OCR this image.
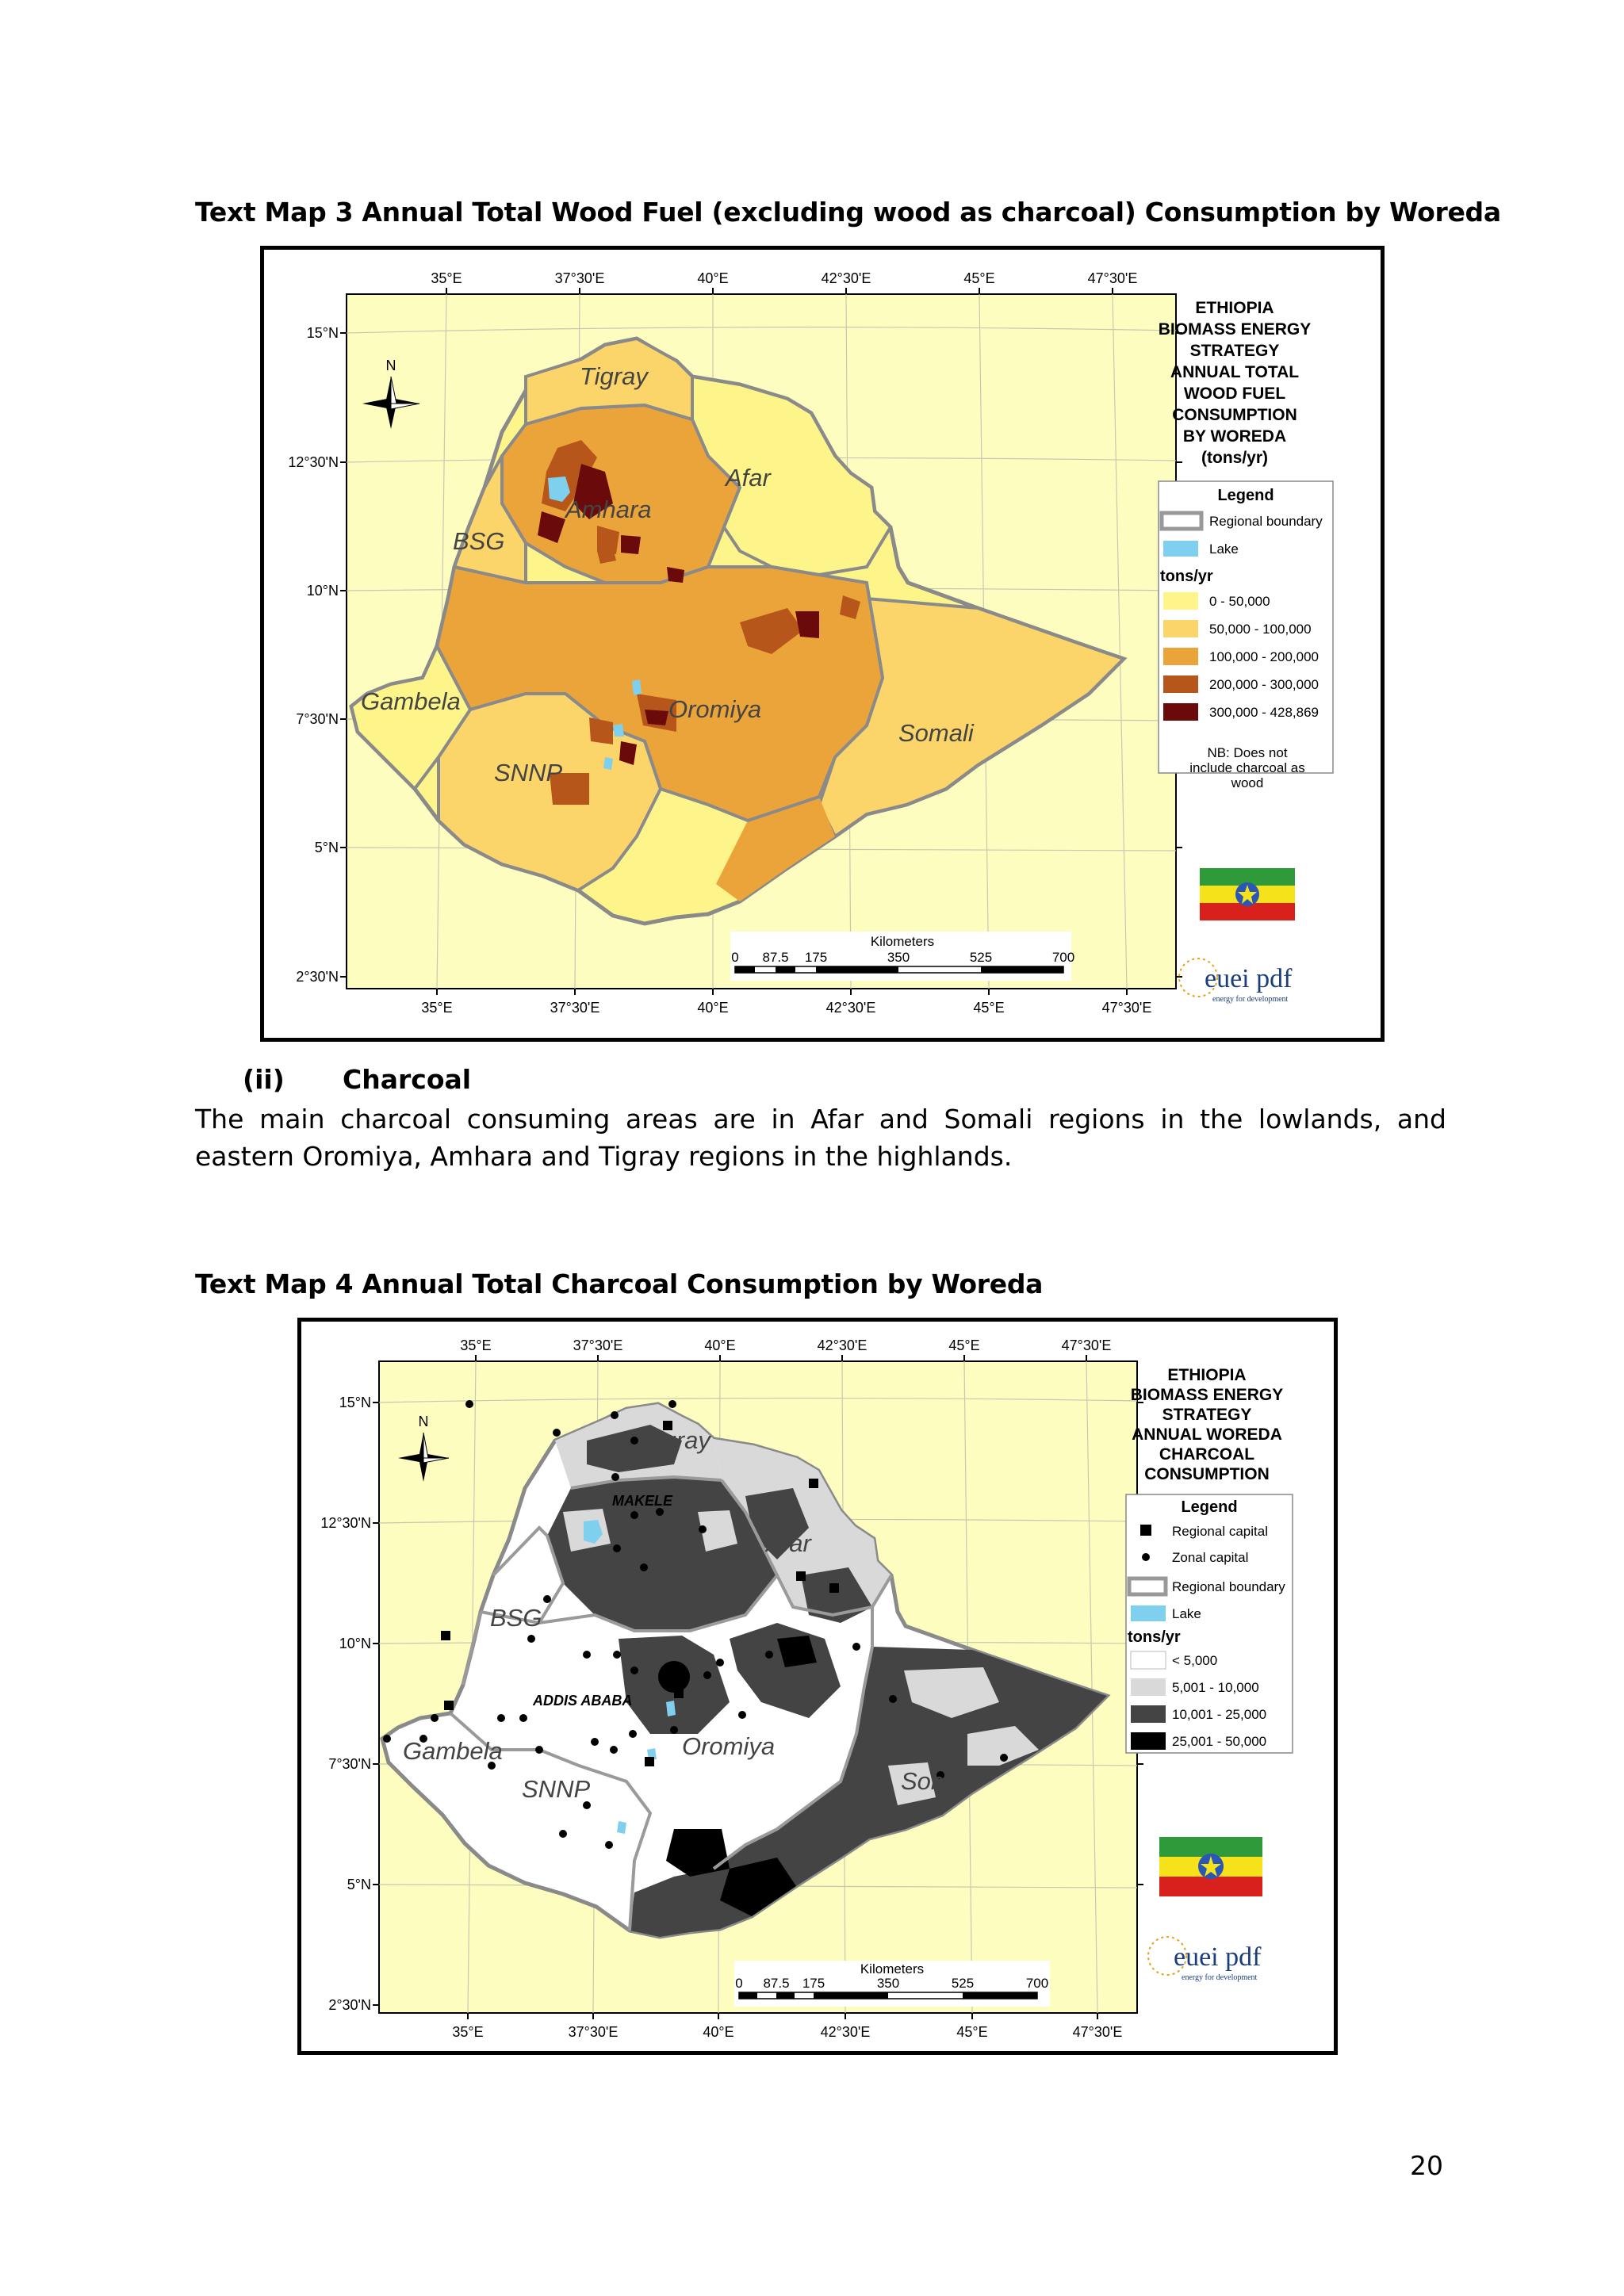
Text Map 3 Annual Total Wood Fuel (excluding wood as charcoal) Consumption by Woreda
35°E	37°30'E	40°E	42°30'E	45°E	47°30'E
35°E	37°30'E	40°E	42°30'E	45°E	47°30'E
15°N
12°30'N
10°N
7°30'N
5°N
2°30'N
Tigray
Afar
Amhara
BSG
Gambela	Oromiya
SNNP
Somali
N
Kilometers
0 87.5 175	350	525	700
ETHIOPIA
BIOMASS ENERGY
STRATEGY
ANNUAL TOTAL
WOOD FUEL
CONSUMPTION
BY WOREDA
(tons/yr)
Legend
Regional boundary
Lake
tons/yr
0 - 50,000
50,000 - 100,000
100,000 - 200,000
200,000 - 300,000
300,000 - 428,869
NB: Does not
include charcoal as
wood
euei pdf
energy for development
(ii) Charcoal
The main charcoal consuming areas are in Afar and Somali regions in the lowlands, and eastern Oromiya, Amhara and Tigray regions in the highlands.
Text Map 4 Annual Total Charcoal Consumption by Woreda
35°E	37°30'E	40°E	42°30'E	45°E	47°30'E
35°E	37°30'E	40°E	42°30'E	45°E	47°30'E
15°N
12°30'N
10°N
7°30'N
5°N
2°30'N
Tigray
Afar
Amhara
BSG
Gambela	Oromiya
SNNP	Somali
MAKELE
ADDIS ABABA
N
Kilometers
0 87.5 175	350	525	700
ETHIOPIA
BIOMASS ENERGY
STRATEGY
ANNUAL WOREDA
CHARCOAL
CONSUMPTION
Legend
Regional capital
Zonal capital
Regional boundary
Lake
tons/yr
< 5,000
5,001 - 10,000
10,001 - 25,000
25,001 - 50,000
euei pdf
energy for development
20
